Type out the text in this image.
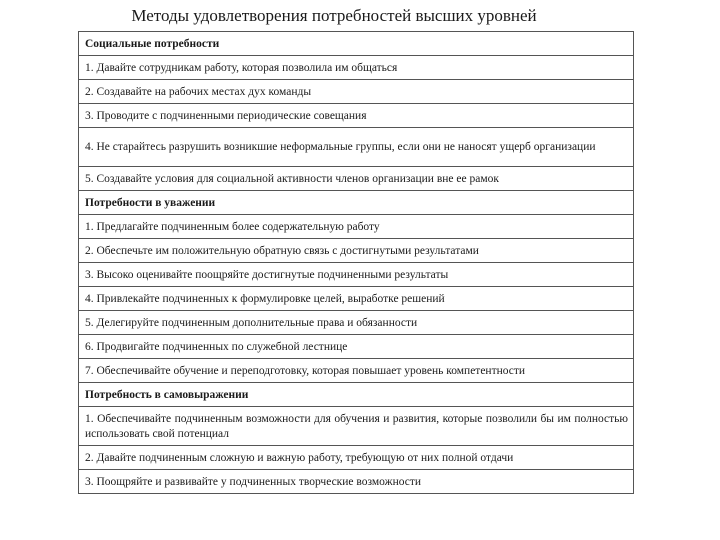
Методы удовлетворения потребностей высших уровней
Социальные потребности
1. Давайте сотрудникам работу, которая позволила им общаться
2. Создавайте на рабочих местах дух команды
3. Проводите с подчиненными периодические совещания
4. Не старайтесь разрушить возникшие неформальные группы, если они не наносят ущерб организации
5. Создавайте условия для социальной активности членов организации вне ее рамок
Потребности в уважении
1. Предлагайте подчиненным более содержательную работу
2. Обеспечьте им положительную обратную связь с достигнутыми результатами
3. Высоко оценивайте поощряйте достигнутые подчиненными результаты
4. Привлекайте подчиненных к формулировке целей, выработке решений
5. Делегируйте подчиненным дополнительные права и обязанности
6. Продвигайте подчиненных по служебной лестнице
7. Обеспечивайте обучение и переподготовку, которая повышает уровень компетентности
Потребность в самовыражении
1. Обеспечивайте подчиненным возможности для обучения и развития, которые позволили бы им полностью использовать свой потенциал
2. Давайте подчиненным сложную и важную работу, требующую от них полной отдачи
3. Поощряйте и развивайте у подчиненных творческие возможности
